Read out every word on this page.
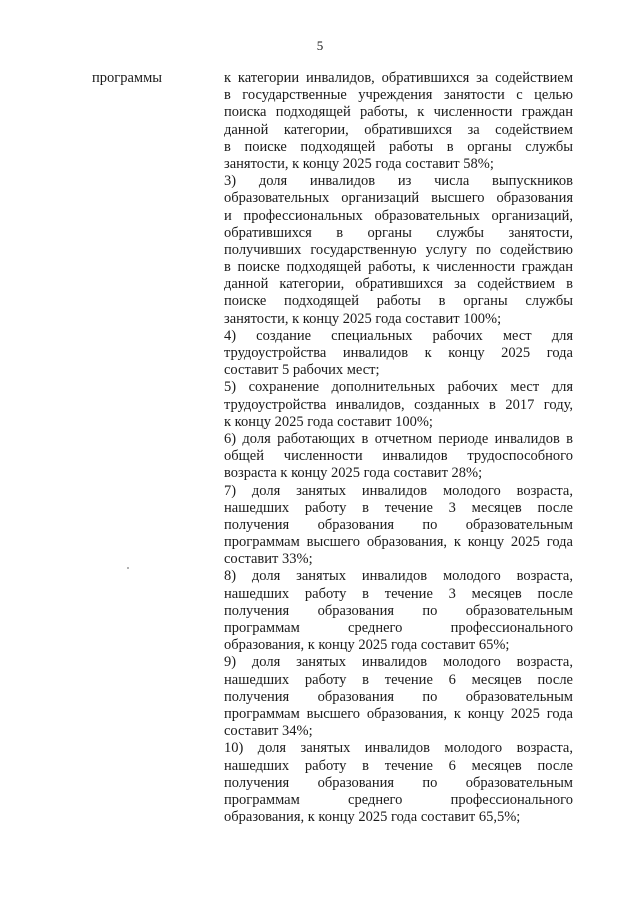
5
программы	к категории инвалидов, обратившихся за содействием
в государственные учреждения занятости с целью
поиска подходящей работы, к численности граждан
данной категории, обратившихся за содействием
в поиске подходящей работы в органы службы
занятости, к концу 2025 года составит 58%;
3) доля инвалидов из числа выпускников
образовательных организаций высшего образования
и профессиональных образовательных организаций,
обратившихся в органы службы занятости,
получивших государственную услугу по содействию
в поиске подходящей работы, к численности граждан
данной категории, обратившихся за содействием в
поиске подходящей работы в органы службы
занятости, к концу 2025 года составит 100%;
4) создание специальных рабочих мест для
трудоустройства инвалидов к концу 2025 года
составит 5 рабочих мест;
5) сохранение дополнительных рабочих мест для
трудоустройства инвалидов, созданных в 2017 году,
к концу 2025 года составит 100%;
6) доля работающих в отчетном периоде инвалидов в
общей численности инвалидов трудоспособного
возраста к концу 2025 года составит 28%;
7) доля занятых инвалидов молодого возраста,
нашедших работу в течение 3 месяцев после
получения образования по образовательным
программам высшего образования, к концу 2025 года
составит 33%;
8) доля занятых инвалидов молодого возраста,
нашедших работу в течение 3 месяцев после
получения образования по образовательным
программам среднего профессионального
образования, к концу 2025 года составит 65%;
9) доля занятых инвалидов молодого возраста,
нашедших работу в течение 6 месяцев после
получения образования по образовательным
программам высшего образования, к концу 2025 года
составит 34%;
10) доля занятых инвалидов молодого возраста,
нашедших работу в течение 6 месяцев после
получения образования по образовательным
программам среднего профессионального
образования, к концу 2025 года составит 65,5%;
